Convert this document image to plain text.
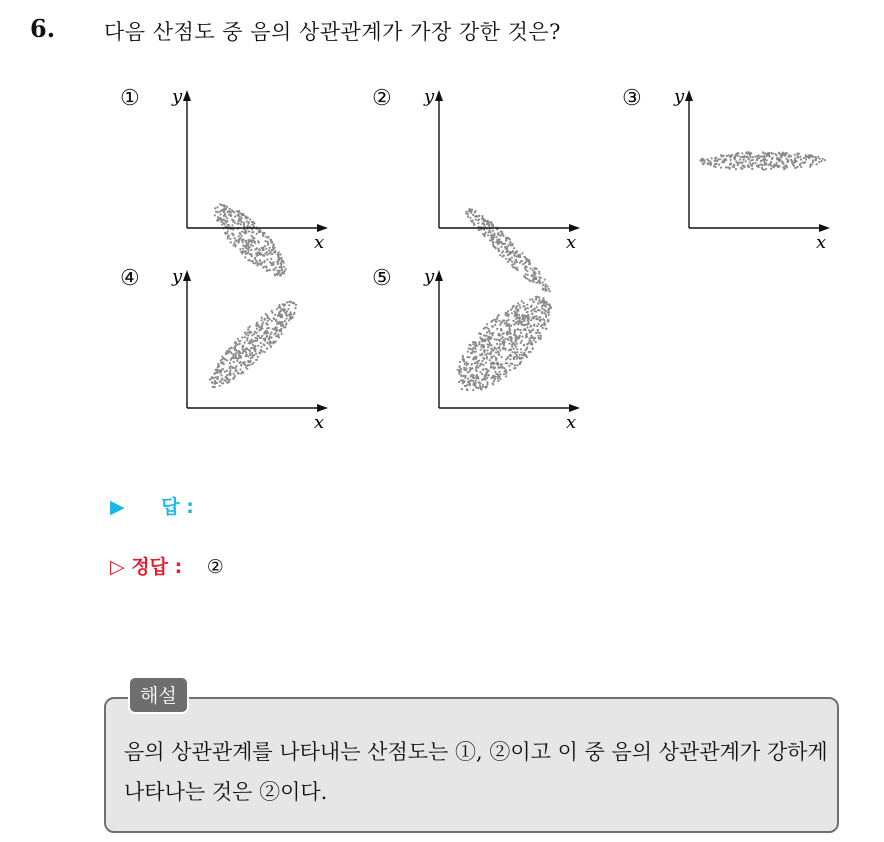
6. 다음 산점도 중 음의 상관관계가 가장 강한 것은?
① y
x
② y
x
③ y
x
④ y
x
⑤ y
x
▶ 답 :
▷ 정답 : ②
해설
음의 상관관계를 나타내는 산점도는 ①, ②이고 이 중 음의 상관관계가 강하게 나타나는 것은 ②이다.
